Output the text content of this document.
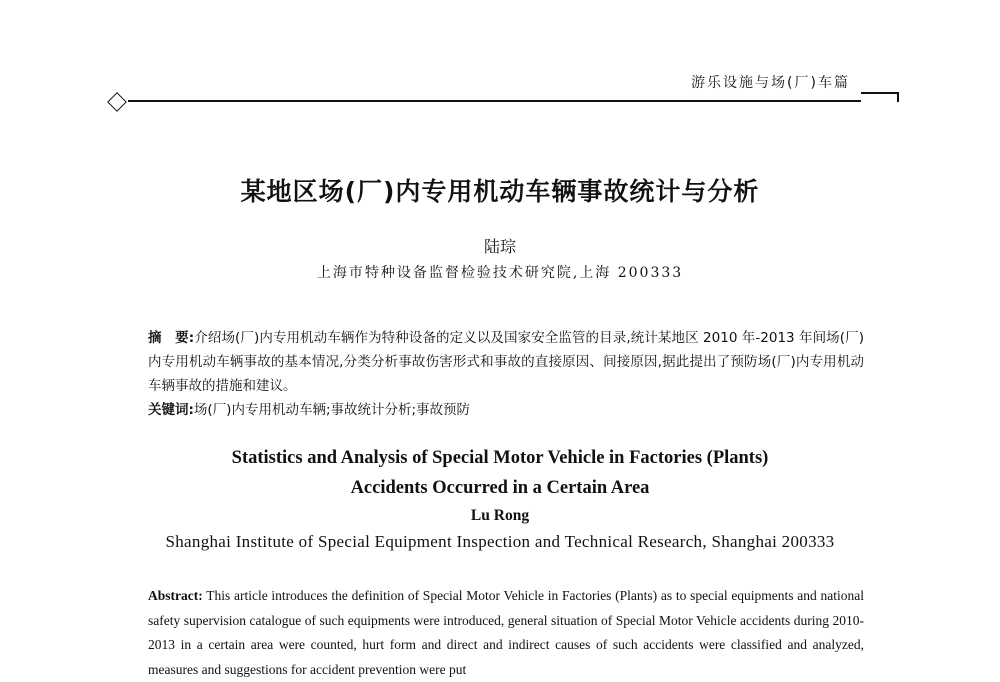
游乐设施与场(厂)车篇
某地区场(厂)内专用机动车辆事故统计与分析
陆琮
上海市特种设备监督检验技术研究院,上海 200333
摘　要:介绍场(厂)内专用机动车辆作为特种设备的定义以及国家安全监管的目录,统计某地区 2010 年-2013 年间场(厂)内专用机动车辆事故的基本情况,分类分析事故伤害形式和事故的直接原因、间接原因,据此提出了预防场(厂)内专用机动车辆事故的措施和建议。
关键词:场(厂)内专用机动车辆;事故统计分析;事故预防
Statistics and Analysis of Special Motor Vehicle in Factories (Plants)
Accidents Occurred in a Certain Area
Lu Rong
Shanghai Institute of Special Equipment Inspection and Technical Research, Shanghai 200333
Abstract: This article introduces the definition of Special Motor Vehicle in Factories (Plants) as to special equipments and national safety supervision catalogue of such equipments were introduced, general situation of Special Motor Vehicle accidents during 2010-2013 in a certain area were counted, hurt form and direct and indirect causes of such accidents were classified and analyzed, measures and suggestions for accident prevention were put
